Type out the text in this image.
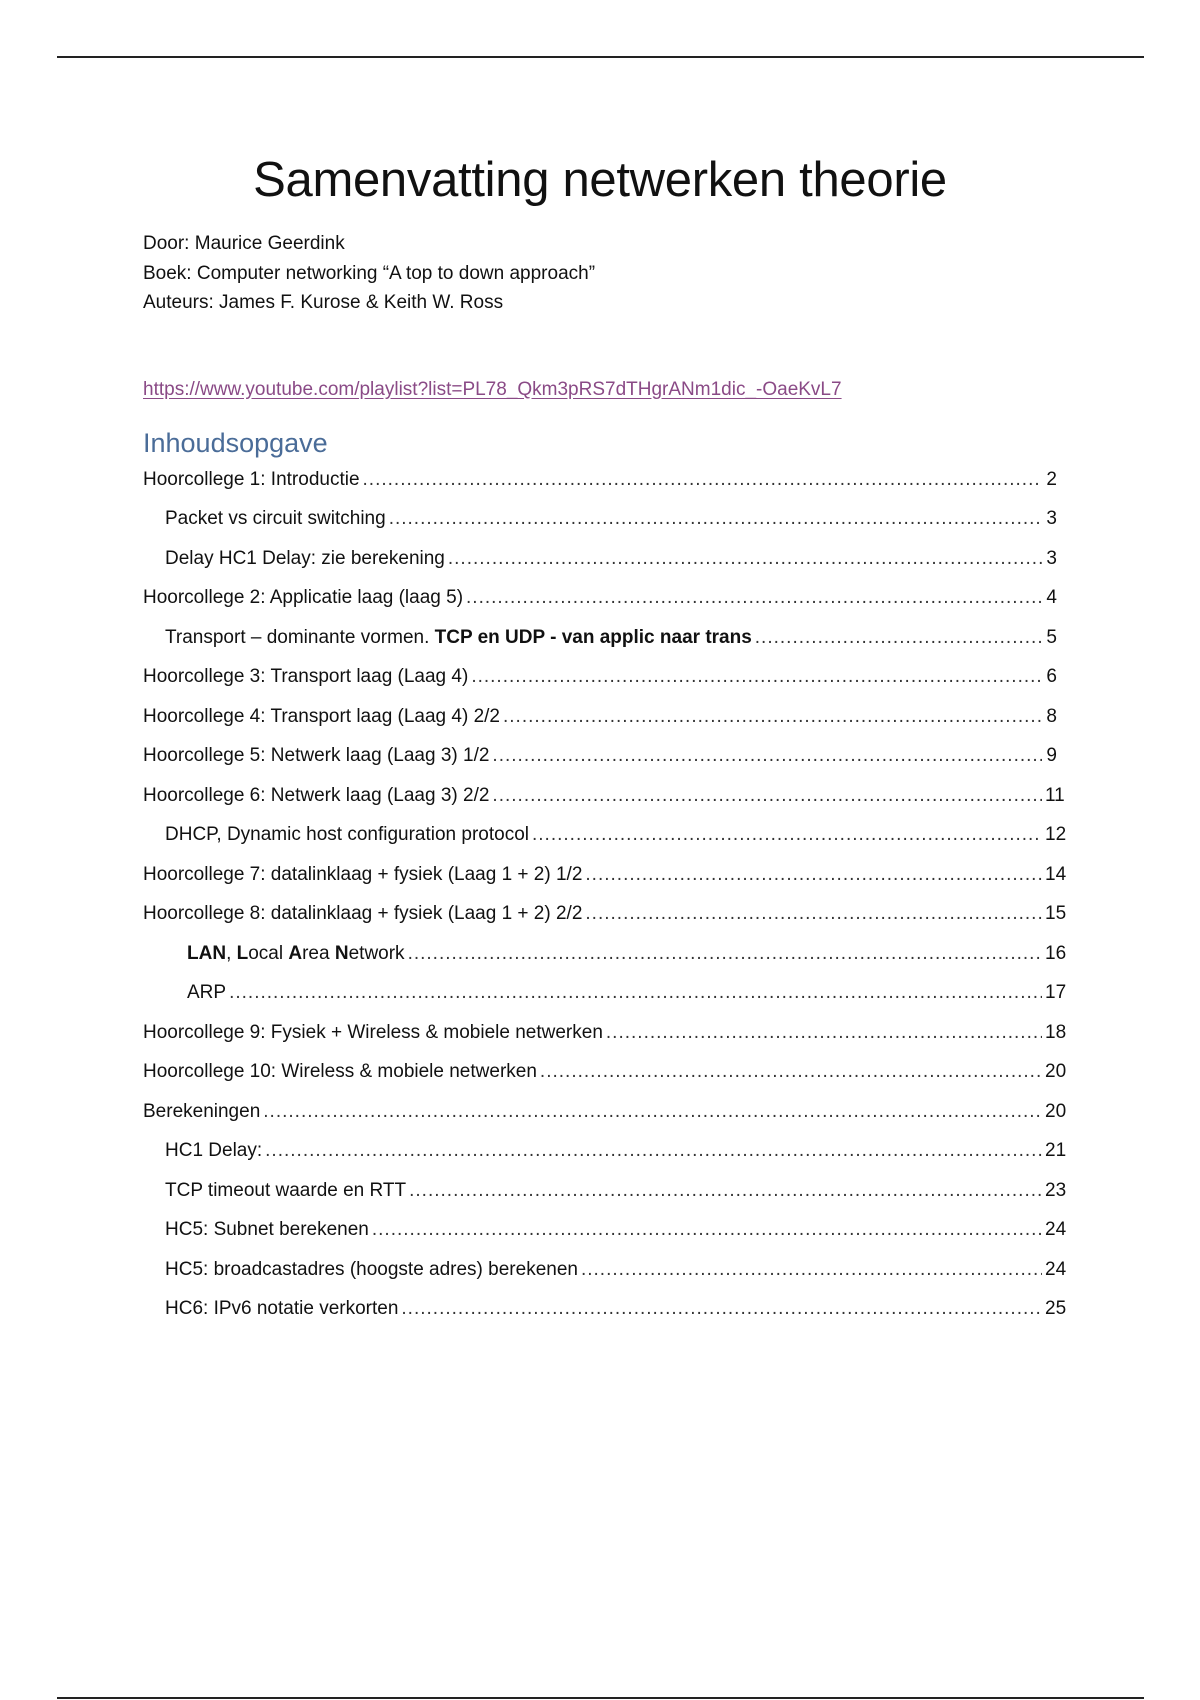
Samenvatting netwerken theorie

Door: Maurice Geerdink

Boek: Computer networking “A top to down approach”

Auteurs: James F. Kurose & Keith W. Ross

https://www.youtube.com/playlist?list=PL78_Qkm3pRS7dTHgrANm1dic_-OaeKvL7
Inhoudsopgave
Hoorcollege 1: Introductie .....	2
Packet vs circuit switching .....	3
Delay HC1 Delay: zie berekening .....	3
Hoorcollege 2: Applicatie laag (laag 5) .....	4
Transport – dominante vormen. TCP en UDP - van applic naar trans .....	5
Hoorcollege 3: Transport laag (Laag 4) .....	6
Hoorcollege 4: Transport laag (Laag 4) 2/2 .....	8
Hoorcollege 5: Netwerk laag (Laag 3) 1/2 .....	9
Hoorcollege 6: Netwerk laag (Laag 3) 2/2 .....	11
DHCP, Dynamic host configuration protocol .....	12
Hoorcollege 7: datalinklaag + fysiek (Laag 1 + 2) 1/2 .....	14
Hoorcollege 8: datalinklaag + fysiek (Laag 1 + 2) 2/2 .....	15
LAN, Local Area Network .....	16
ARP .....	17
Hoorcollege 9: Fysiek + Wireless & mobiele netwerken .....	18
Hoorcollege 10: Wireless & mobiele netwerken .....	20
Berekeningen .....	20
HC1 Delay: .....	21
TCP timeout waarde en RTT .....	23
HC5: Subnet berekenen .....	24
HC5: broadcastadres (hoogste adres) berekenen .....	24
HC6: IPv6 notatie verkorten .....	25
